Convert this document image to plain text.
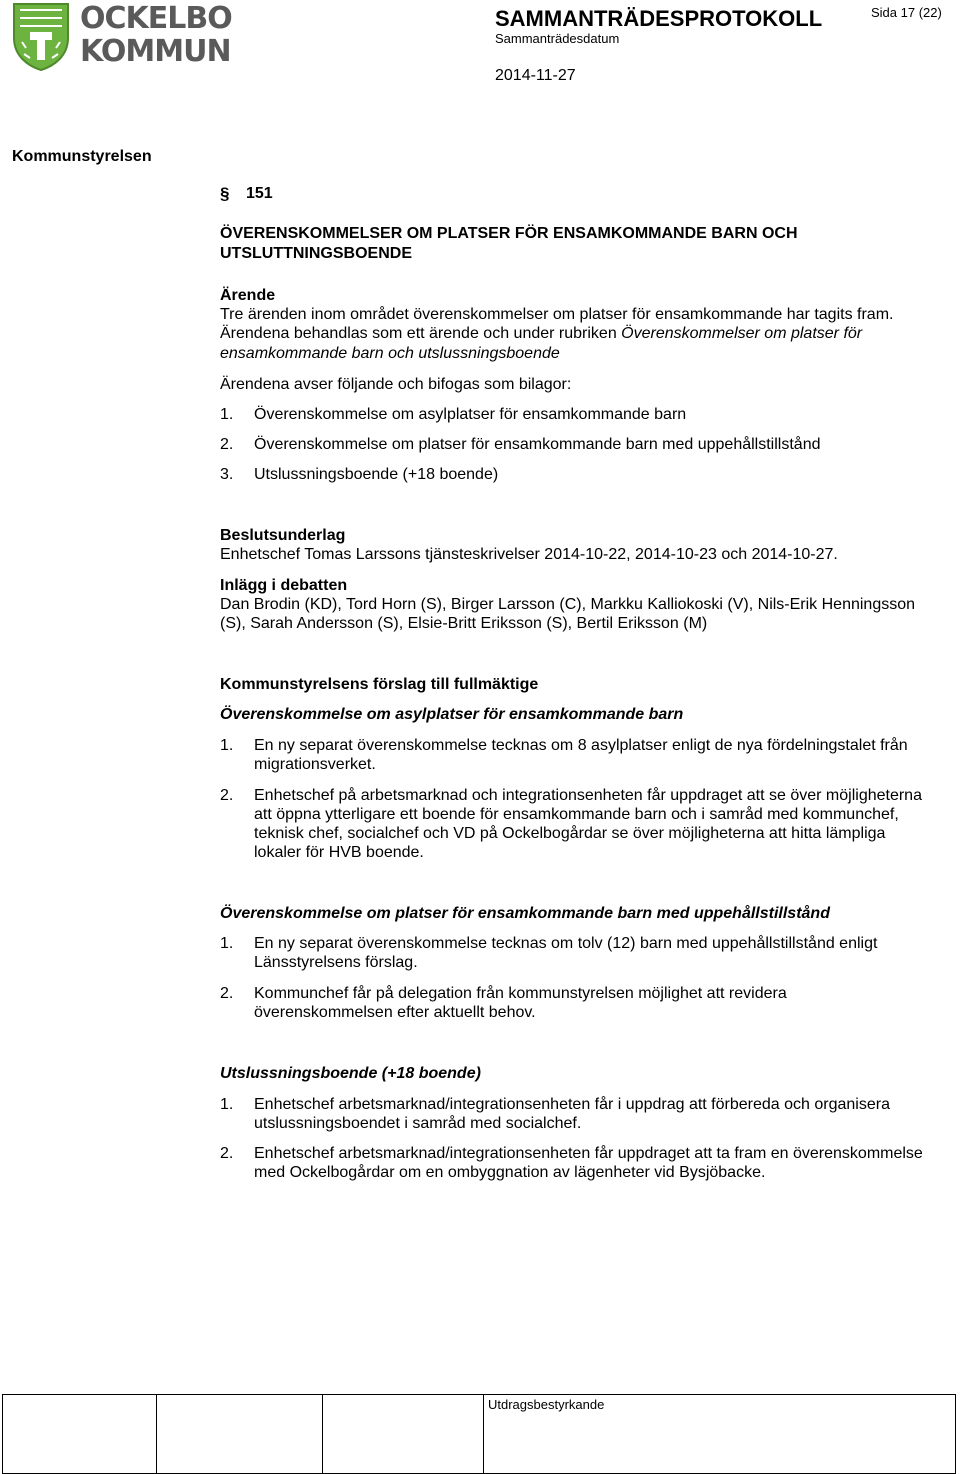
OCKELBO
KOMMUN
SAMMANTRÄDESPROTOKOLL
Sammanträdesdatum
2014-11-27
Sida 17 (22)
Kommunstyrelsen
§ 151
ÖVERENSKOMMELSER OM PLATSER FÖR ENSAMKOMMANDE BARN OCH
UTSLUTTNINGSBOENDE
Ärende
Tre ärenden inom området överenskommelser om platser för ensamkommande har tagits fram.
Ärendena behandlas som ett ärende och under rubriken Överenskommelser om platser för
ensamkommande barn och utslussningsboende
Ärendena avser följande och bifogas som bilagor:
1. Överenskommelse om asylplatser för ensamkommande barn
2. Överenskommelse om platser för ensamkommande barn med uppehållstillstånd
3. Utslussningsboende (+18 boende)
Beslutsunderlag
Enhetschef Tomas Larssons tjänsteskrivelser 2014-10-22, 2014-10-23 och 2014-10-27.
Inlägg i debatten
Dan Brodin (KD), Tord Horn (S), Birger Larsson (C), Markku Kalliokoski (V), Nils-Erik Henningsson
(S), Sarah Andersson (S), Elsie-Britt Eriksson (S), Bertil Eriksson (M)
Kommunstyrelsens förslag till fullmäktige
Överenskommelse om asylplatser för ensamkommande barn
1. En ny separat överenskommelse tecknas om 8 asylplatser enligt de nya fördelningstalet från
migrationsverket.
2. Enhetschef på arbetsmarknad och integrationsenheten får uppdraget att se över möjligheterna
att öppna ytterligare ett boende för ensamkommande barn och i samråd med kommunchef,
teknisk chef, socialchef och VD på Ockelbogårdar se över möjligheterna att hitta lämpliga
lokaler för HVB boende.
Överenskommelse om platser för ensamkommande barn med uppehållstillstånd
1. En ny separat överenskommelse tecknas om tolv (12) barn med uppehållstillstånd enligt
Länsstyrelsens förslag.
2. Kommunchef får på delegation från kommunstyrelsen möjlighet att revidera
överenskommelsen efter aktuellt behov.
Utslussningsboende (+18 boende)
1. Enhetschef arbetsmarknad/integrationsenheten får i uppdrag att förbereda och organisera
utslussningsboendet i samråd med socialchef.
2. Enhetschef arbetsmarknad/integrationsenheten får uppdraget att ta fram en överenskommelse
med Ockelbogårdar om en ombyggnation av lägenheter vid Bysjöbacke.

Utdragsbestyrkande
